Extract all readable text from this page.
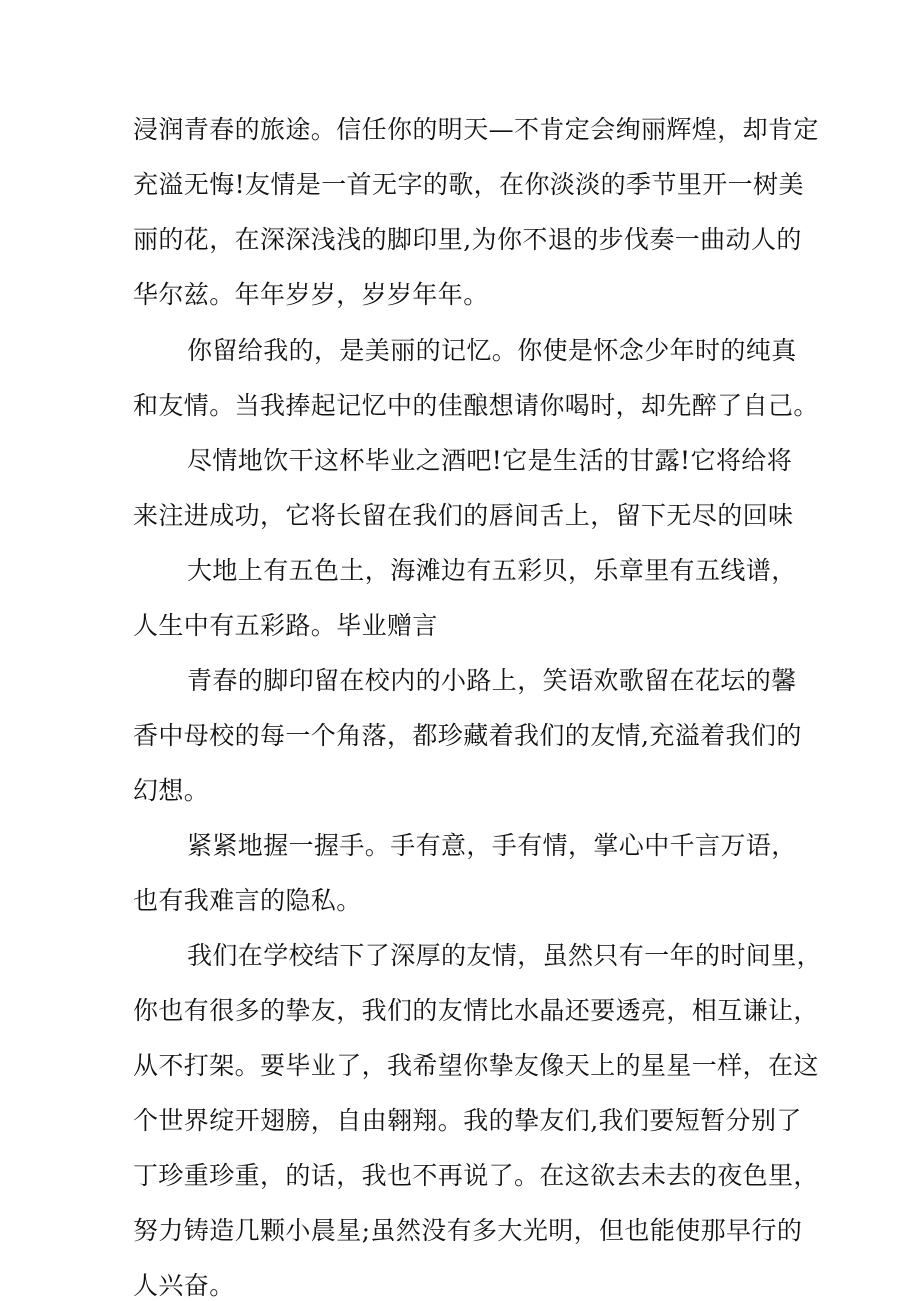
浸润青春的旅途。信任你的明天—不肯定会绚丽辉煌，却肯定

充溢无悔!友情是一首无字的歌，在你淡淡的季节里开一树美

丽的花，在深深浅浅的脚印里,为你不退的步伐奏一曲动人的

华尔兹。年年岁岁，岁岁年年。

你留给我的，是美丽的记忆。你使是怀念少年时的纯真

和友情。当我捧起记忆中的佳酿想请你喝时，却先醉了自己。

尽情地饮干这杯毕业之酒吧!它是生活的甘露!它将给将

来注进成功，它将长留在我们的唇间舌上，留下无尽的回味

大地上有五色土，海滩边有五彩贝，乐章里有五线谱，

人生中有五彩路。毕业赠言

青春的脚印留在校内的小路上，笑语欢歌留在花坛的馨

香中母校的每一个角落，都珍藏着我们的友情,充溢着我们的

幻想。

紧紧地握一握手。手有意，手有情，掌心中千言万语，

也有我难言的隐私。

我们在学校结下了深厚的友情，虽然只有一年的时间里，

你也有很多的挚友，我们的友情比水晶还要透亮，相互谦让，

从不打架。要毕业了，我希望你挚友像天上的星星一样，在这

个世界绽开翅膀，自由翱翔。我的挚友们,我们要短暂分别了

丁珍重珍重，的话，我也不再说了。在这欲去未去的夜色里，

努力铸造几颗小晨星;虽然没有多大光明，但也能使那早行的

人兴奋。
